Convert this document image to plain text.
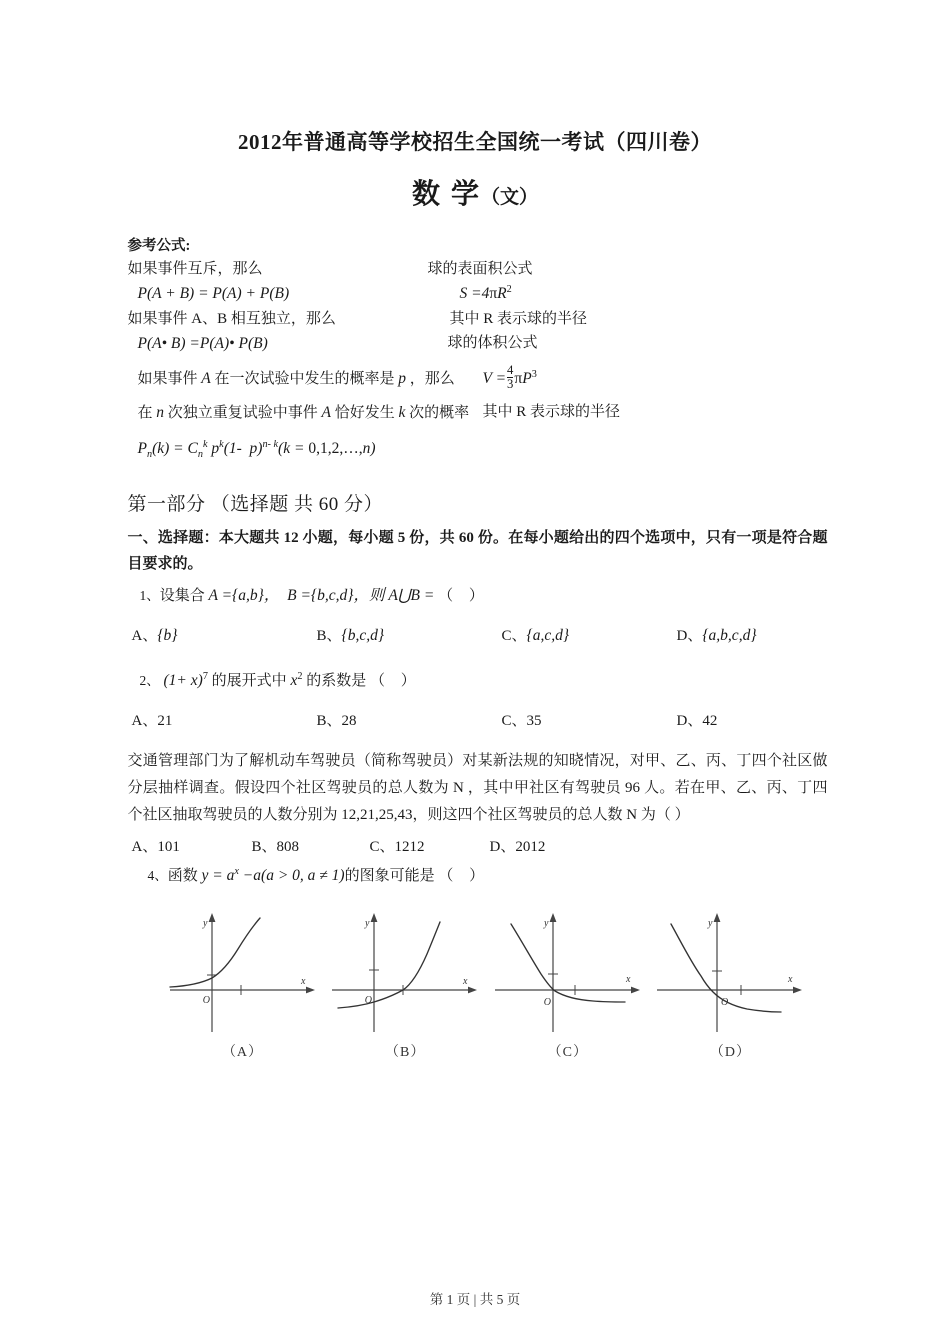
2012年普通高等学校招生全国统一考试（四川卷）
数 学（文）
参考公式:
如果事件互斥，那么	球的表面积公式
P(A + B) = P(A) + P(B)	$S =4\pi R^2$
如果事件 A、B 相互独立，那么	其中 R 表示球的半径
P(A• B) =P(A)• P(B)	球的体积公式
如果事件 A 在一次试验中发生的概率是 p ，那么	$V = \frac{4}{3} \pi P^3$
在 n 次独立重复试验中事件 A 恰好发生 k 次的概率 其中 R 表示球的半径
$P_n(k) = C_n^k$ $p^k(1-$  p)$^{n- k}$(k = 0,1,2,…,n)
第一部分 （选择题 共 60 分）
一、选择题：本大题共 12 小题，每小题 5 份，共 60 份。在每小题给出的四个选项中，只有一项是符合题目要求的。
1、设集合 A ={a,b}，  B ={b,c,d}，则 A⋃B = （ ）
A、{b}	B、{b,c,d}	C、{a,c,d}	D、{a,b,c,d}
2、 $(1+ x)^7$ 的展开式中 $x^2$ 的系数是 （ ）
A、21	B、28	C、35	D、42
交通管理部门为了解机动车驾驶员（简称驾驶员）对某新法规的知晓情况，对甲、乙、丙、丁四个社区做分层抽样调查。假设四个社区驾驶员的总人数为 N ，其中甲社区有驾驶员 96 人。若在甲、乙、丙、丁四个社区抽取驾驶员的人数分别为 12,21,25,43，则这四个社区驾驶员的总人数 N 为（ ）
A、101	B、808	C、1212	D、2012
4、函数 $y = a^x -a(a > 0$, a ≠ 1)的图象可能是 （ ）
O
x
y
（A）
O
x
y
（B）
O
x
y
（C）
O
x
y
（D）
第 1 页 | 共 5 页
